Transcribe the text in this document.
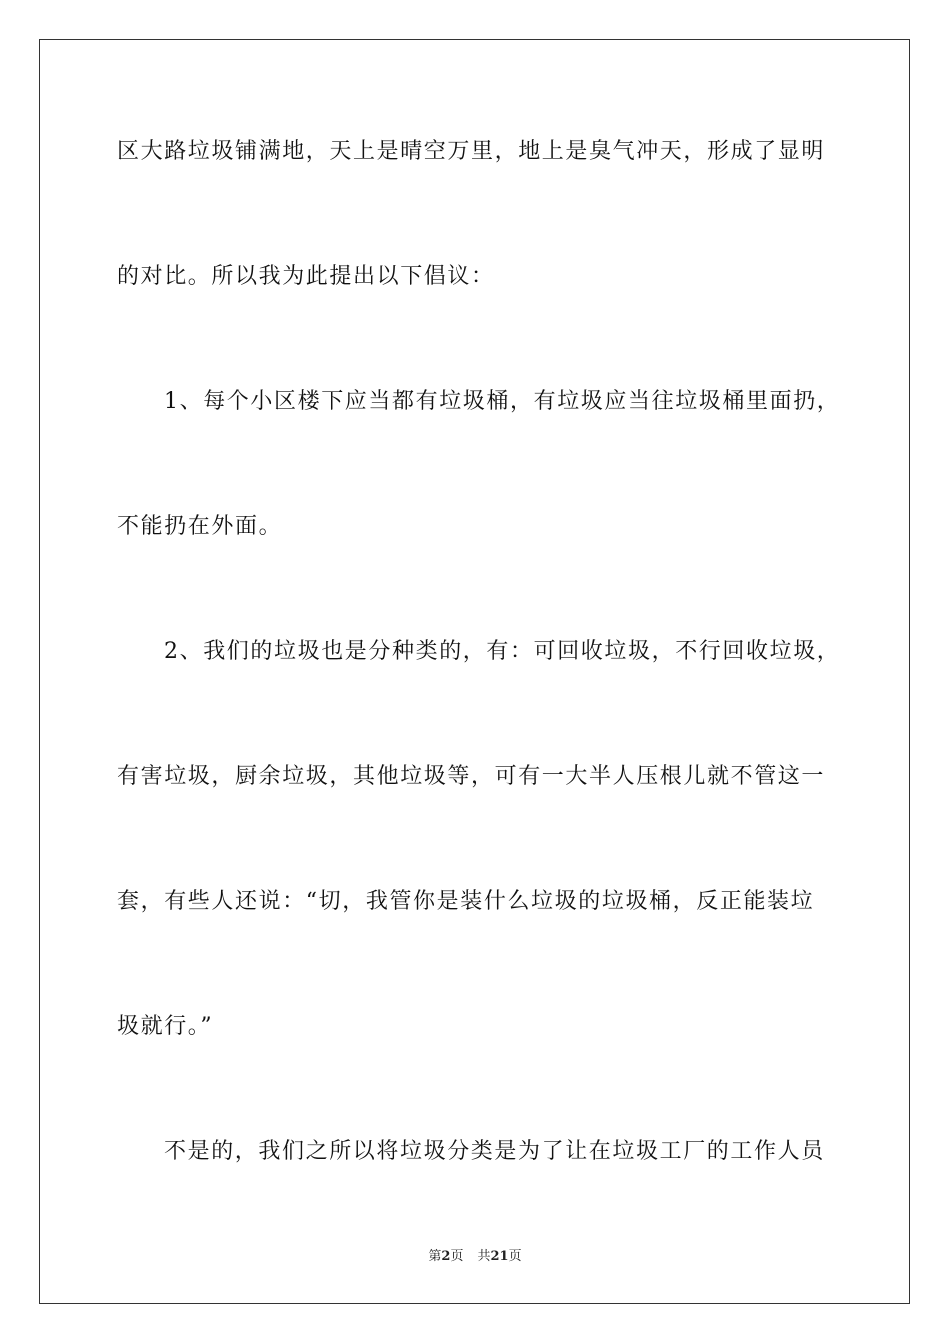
区大路垃圾铺满地，天上是晴空万里，地上是臭气冲天，形成了显明
的对比。所以我为此提出以下倡议：
1、每个小区楼下应当都有垃圾桶，有垃圾应当往垃圾桶里面扔，
不能扔在外面。
2、我们的垃圾也是分种类的，有：可回收垃圾，不行回收垃圾，
有害垃圾，厨余垃圾，其他垃圾等，可有一大半人压根儿就不管这一
套，有些人还说：“切，我管你是装什么垃圾的垃圾桶，反正能装垃
圾就行。”
不是的，我们之所以将垃圾分类是为了让在垃圾工厂的工作人员
第2页 共21页
